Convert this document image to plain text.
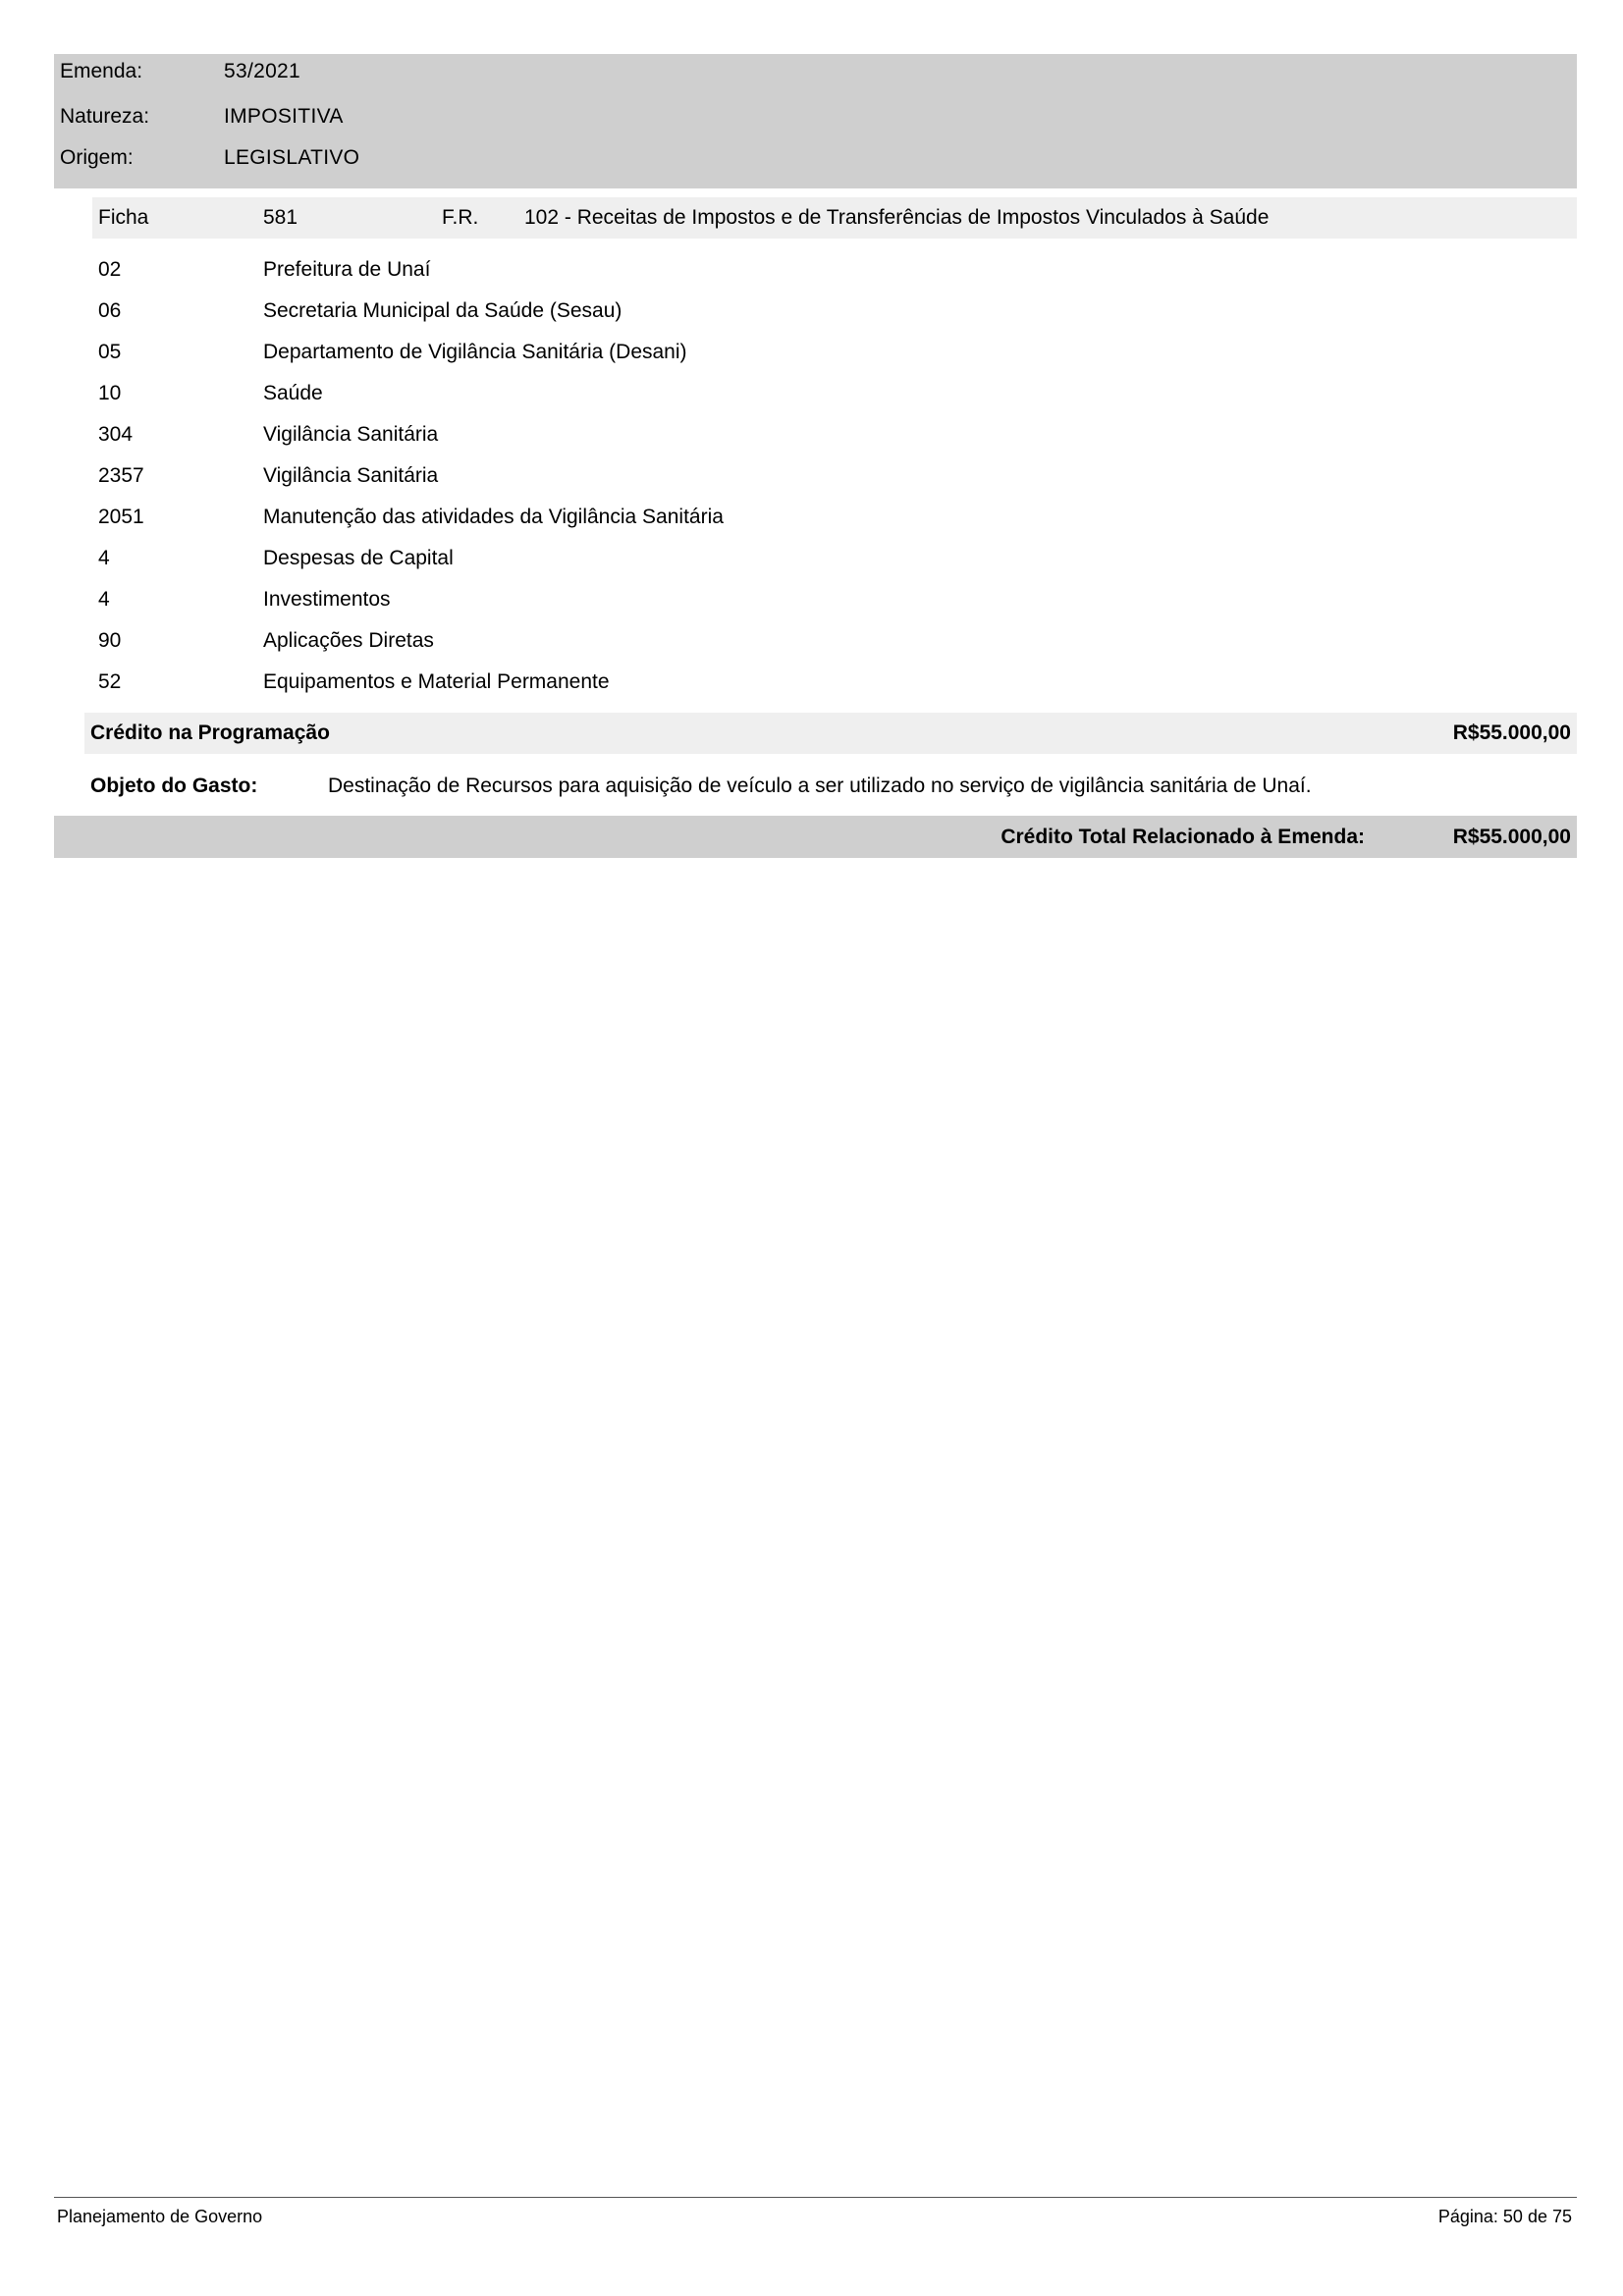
Emenda:	53/2021
Natureza:	IMPOSITIVA
Origem:	LEGISLATIVO
Ficha	581	F.R. 102 - Receitas de Impostos e de Transferências de Impostos Vinculados à Saúde
02	Prefeitura de Unaí
06	Secretaria Municipal da Saúde (Sesau)
05	Departamento de Vigilância Sanitária (Desani)
10	Saúde
304	Vigilância Sanitária
2357	Vigilância Sanitária
2051	Manutenção das atividades da Vigilância Sanitária
4	Despesas de Capital
4	Investimentos
90	Aplicações Diretas
52	Equipamentos e Material Permanente
Crédito na Programação	R$55.000,00
Objeto do Gasto:	Destinação de Recursos para aquisição de veículo a ser utilizado no serviço de vigilância sanitária de Unaí.
Crédito Total Relacionado à Emenda:	R$55.000,00
Planejamento de Governo	Página: 50 de 75
